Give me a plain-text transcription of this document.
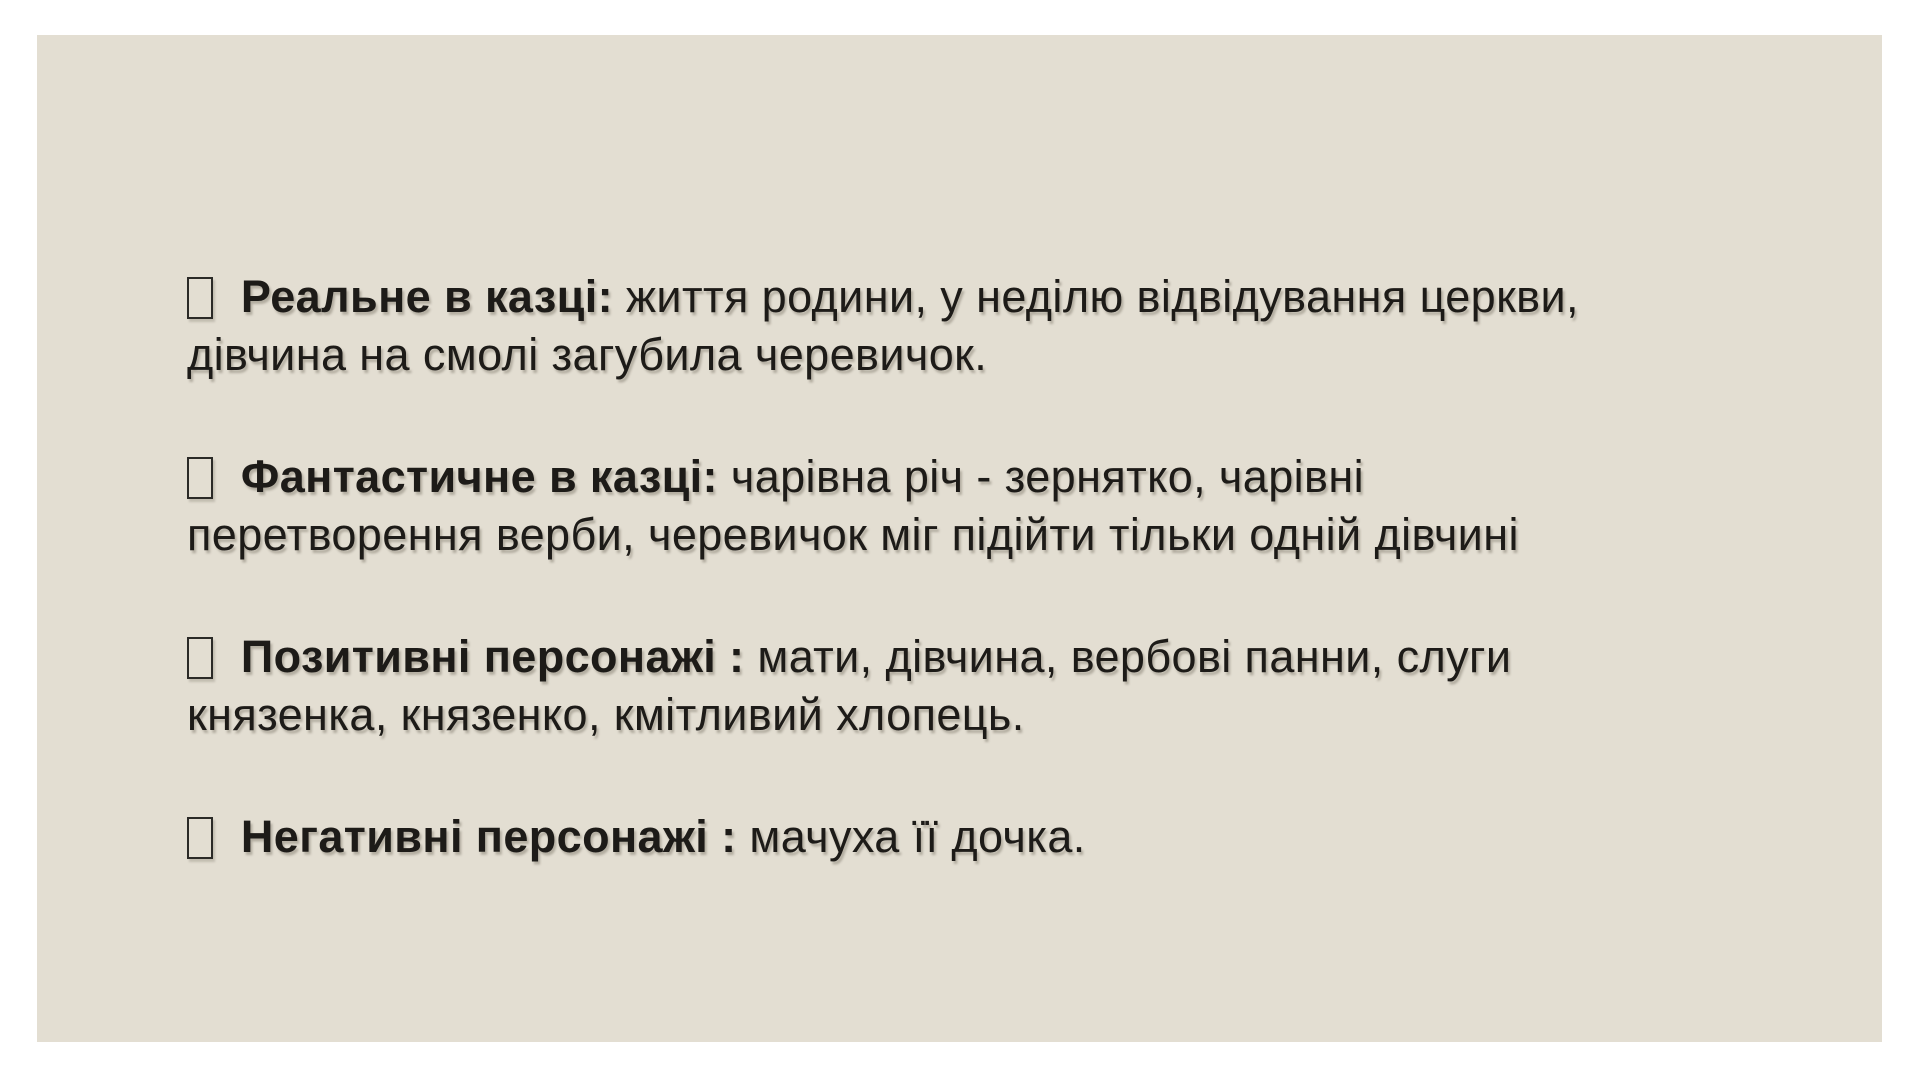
Реальне в казці: життя родини, у неділю відвідування церкви,
дівчина на смолі загубила черевичок.
Фантастичне в казці: чарівна річ - зернятко, чарівні
перетворення верби, черевичок міг підійти тільки одній дівчині
Позитивні персонажі : мати, дівчина, вербові панни, слуги
князенка, князенко, кмітливий хлопець.
Негативні персонажі : мачуха її дочка.
